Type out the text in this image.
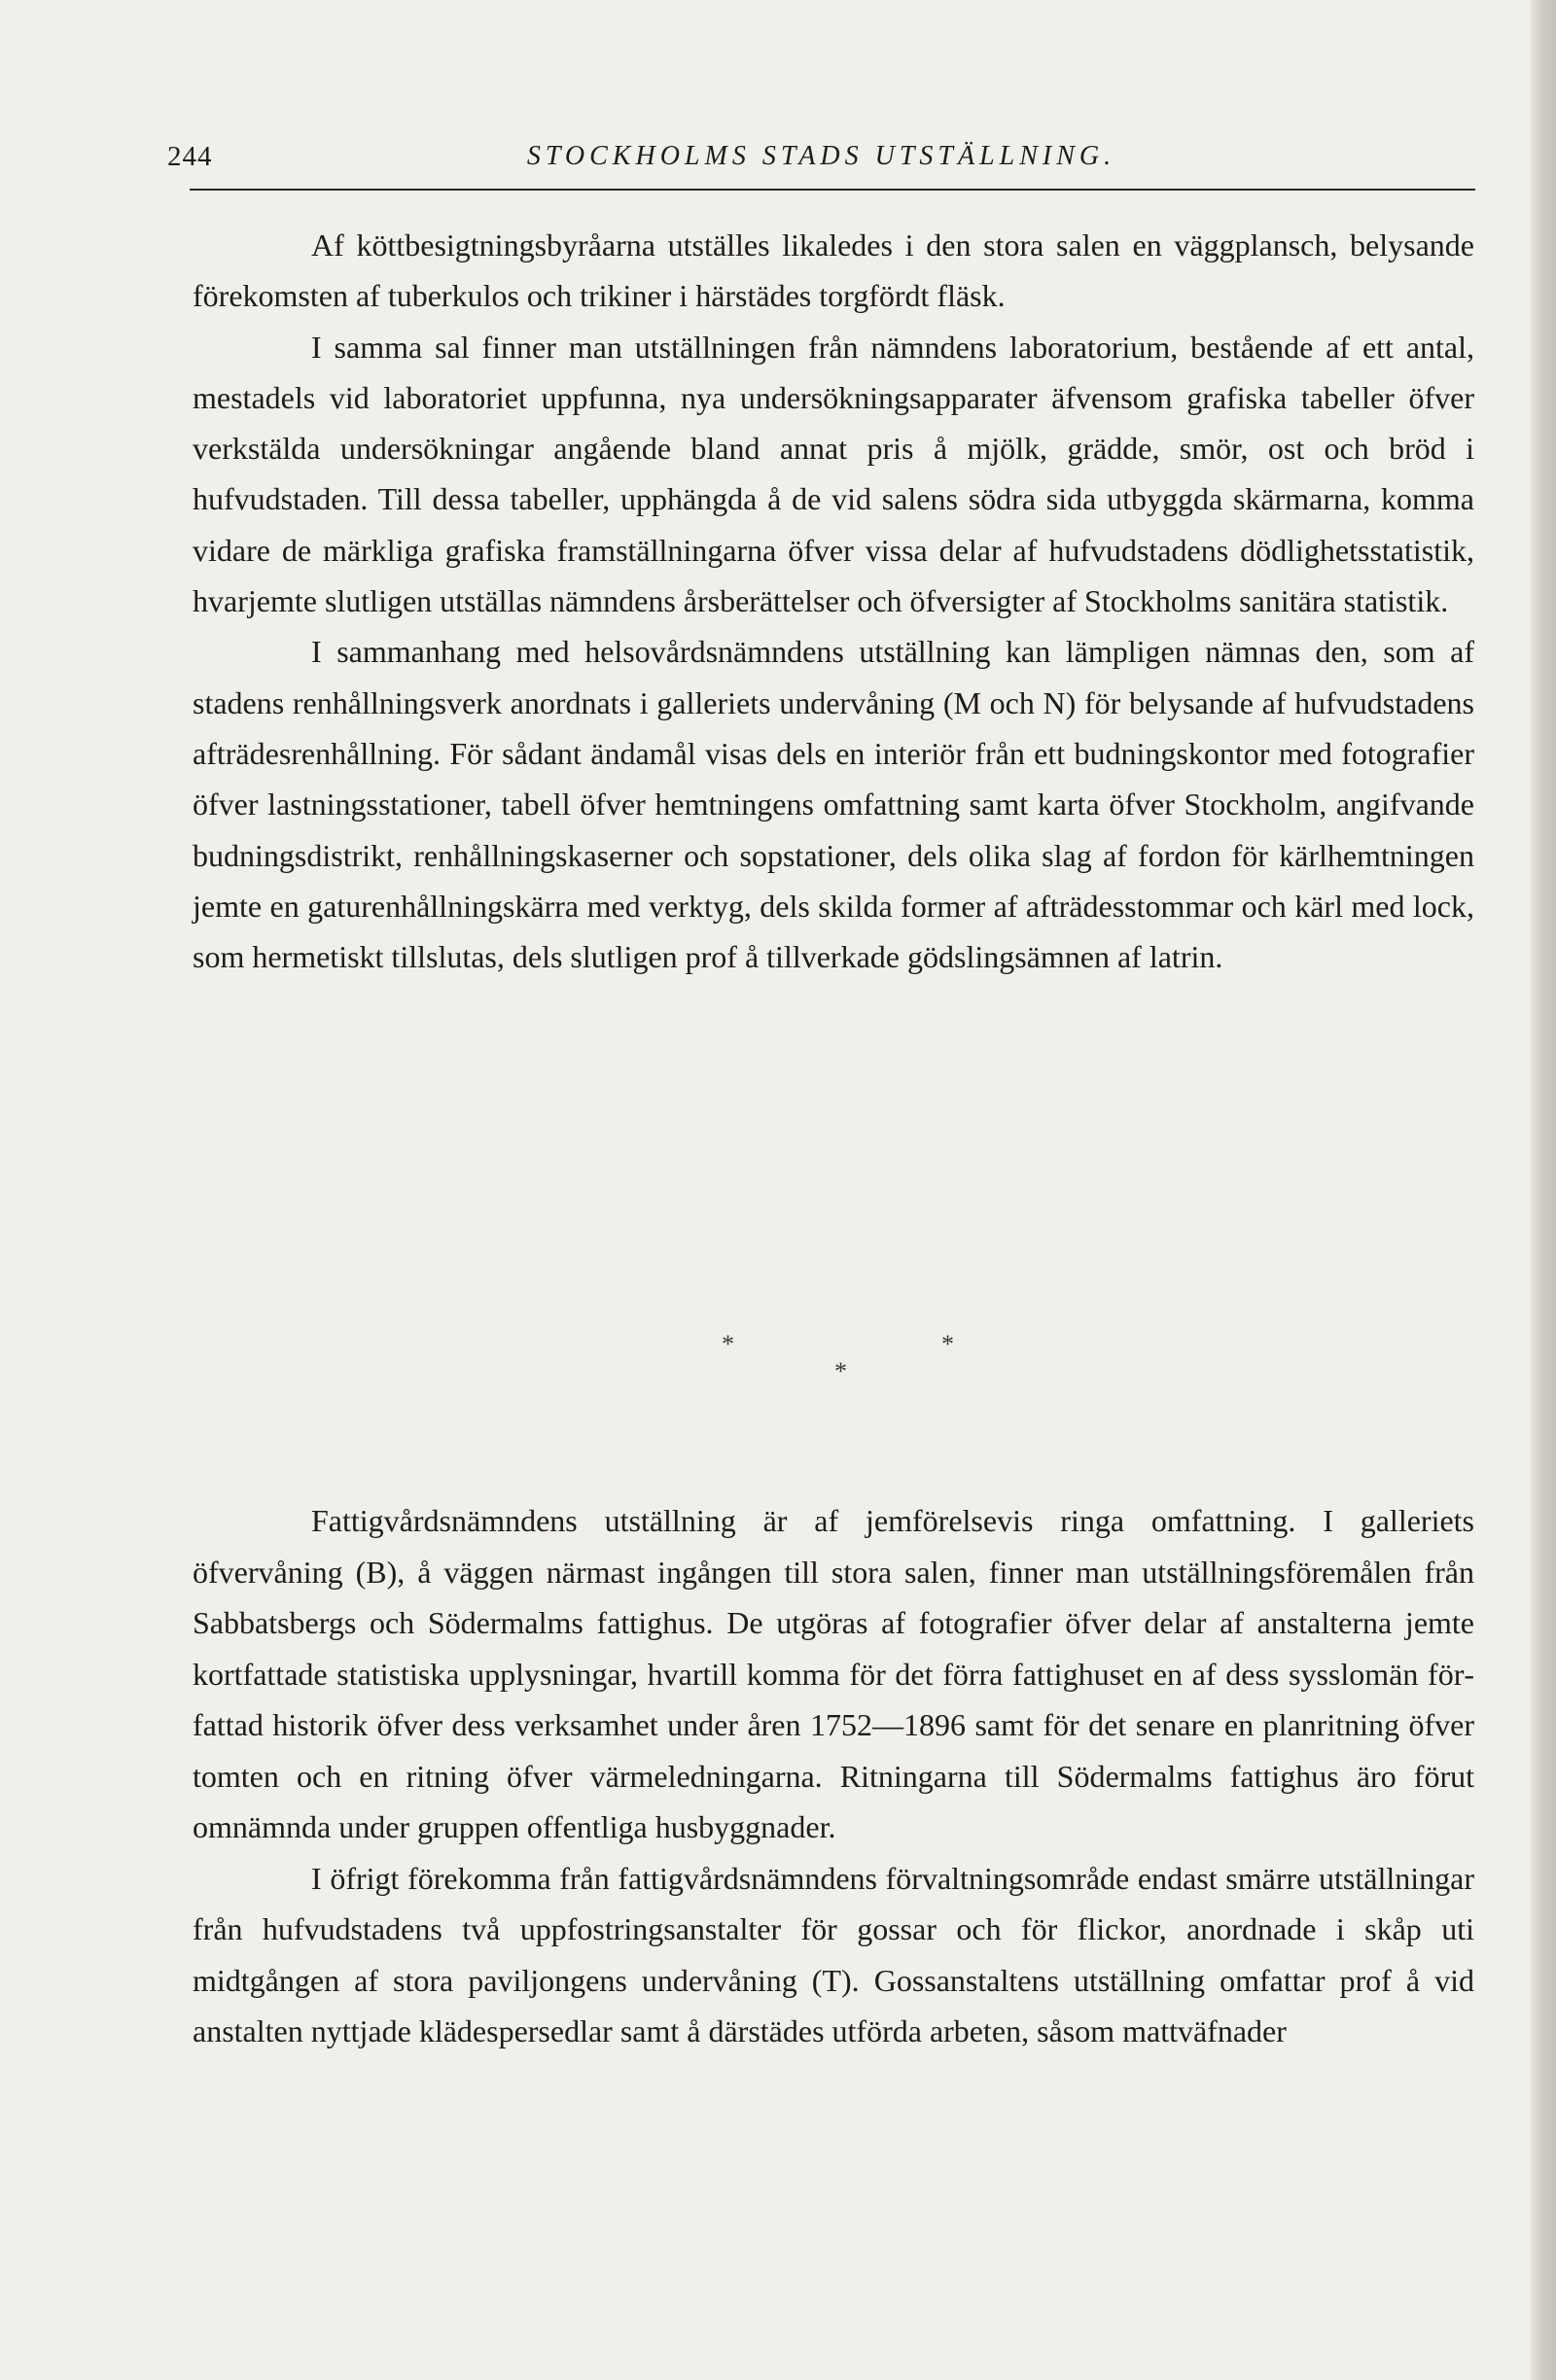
244	STOCKHOLMS STADS UTSTÄLLNING.

Af köttbesigtningsbyråarna utställes likaledes i den stora salen en väggplansch, belysande förekomsten af tuberkulos och trikiner i härstädes torgfördt fläsk.

I samma sal finner man utställningen från nämndens laboratorium, bestående af ett antal, mestadels vid laboratoriet uppfunna, nya undersökningsapparater äfvensom grafiska tabeller öfver verkstälda undersökningar angående bland annat pris å mjölk, grädde, smör, ost och bröd i hufvudstaden. Till dessa tabeller, upphängda å de vid salens södra sida utbyggda skärmarna, komma vidare de märkliga grafiska framställningarna öfver vissa delar af hufvudstadens dödlighetsstatistik, hvarjemte slutligen utställas nämndens årsberättelser och öfversigter af Stockholms sanitära statistik.

I sammanhang med helsovårdsnämndens utställning kan lämpligen nämnas den, som af stadens renhållningsverk anordnats i galleriets undervåning (M och N) för belysande af hufvudstadens afträdesrenhållning. För sådant ändamål visas dels en interiör från ett budningskontor med fotografier öfver lastningsstationer, tabell öfver hemtningens omfattning samt karta öfver Stockholm, angifvande budningsdistrikt, renhållningskaserner och sopstationer, dels olika slag af fordon för kärlhemtningen jemte en gaturenhållningskärra med verktyg, dels skilda former af afträdesstommar och kärl med lock, som hermetiskt tillslutas, dels slutligen prof å tillverkade gödslingsämnen af latrin.

*	*
*

Fattigvårdsnämndens utställning är af jemförelsevis ringa omfattning. I galleriets öfvervåning (B), å väggen närmast ingången till stora salen, finner man utställningsföremålen från Sabbatsbergs och Södermalms fattighus. De utgöras af fotografier öfver delar af anstalterna jemte kortfattade statistiska upplysningar, hvartill komma för det förra fattighuset en af dess sysslomän författad historik öfver dess verksamhet under åren 1752—1896 samt för det senare en planritning öfver tomten och en ritning öfver värmeledningarna. Ritningarna till Södermalms fattighus äro förut omnämnda under gruppen offentliga husbyggnader.

I öfrigt förekomma från fattigvårdsnämndens förvaltningsområde endast smärre utställningar från hufvudstadens två uppfostringsanstalter för gossar och för flickor, anordnade i skåp uti midtgången af stora paviljongens undervåning (T). Gossanstaltens utställning omfattar prof å vid anstalten nyttjade klädespersedlar samt å därstädes utförda arbeten, såsom mattväfnader
